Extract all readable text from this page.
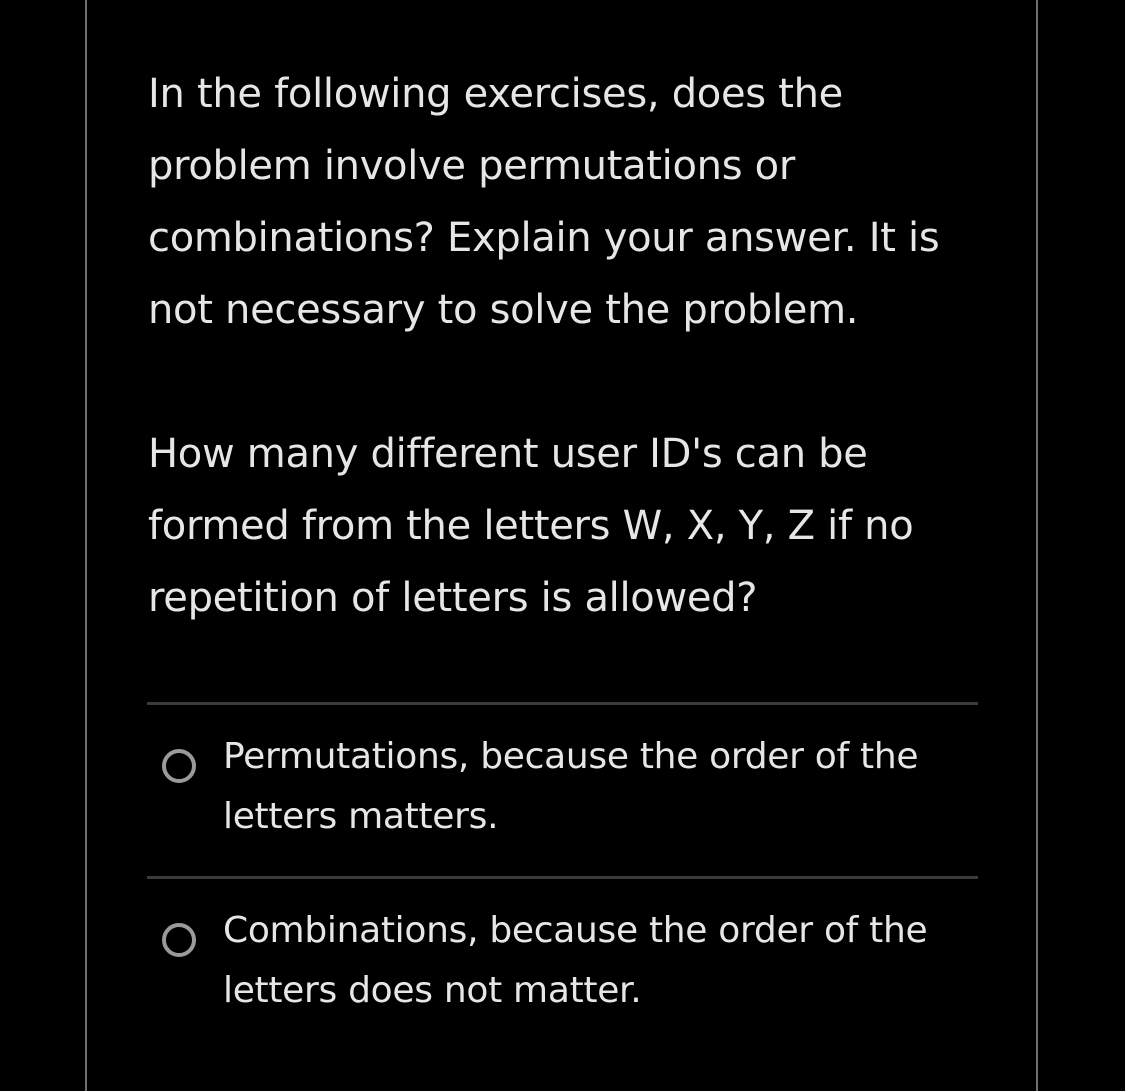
In the following exercises, does the problem involve permutations or combinations? Explain your answer. It is not necessary to solve the problem.

How many different user ID's can be formed from the letters W, X, Y, Z if no repetition of letters is allowed?

Permutations, because the order of the letters matters.
Combinations, because the order of the letters does not matter.
